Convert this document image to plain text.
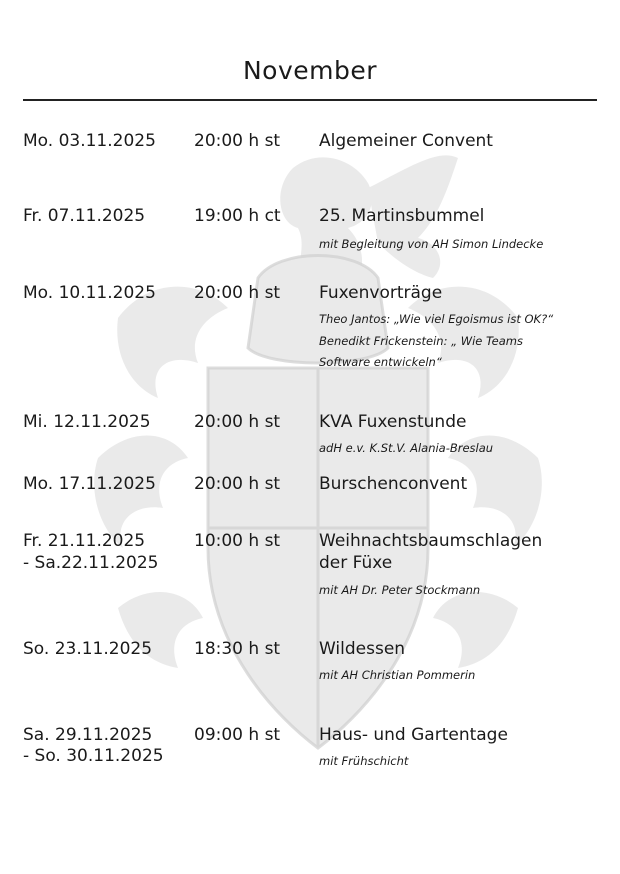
November
Mo. 03.11.2025	20:00 h st	Algemeiner Convent
Fr. 07.11.2025	19:00 h ct	25. Martinsbummel
mit Begleitung von AH Simon Lindecke
Mo. 10.11.2025	20:00 h st	Fuxenvorträge
Theo Jantos: „Wie viel Egoismus ist OK?“
Benedikt Frickenstein: „ Wie Teams
Software entwickeln“
Mi. 12.11.2025	20:00 h st	KVA Fuxenstunde
adH e.v. K.St.V. Alania-Breslau
Mo. 17.11.2025	20:00 h st	Burschenconvent
Fr. 21.11.2025
- Sa.22.11.2025
10:00 h st	Weihnachtsbaumschlagen der Füxe
mit AH Dr. Peter Stockmann
So. 23.11.2025	18:30 h st	Wildessen
mit AH Christian Pommerin
Sa. 29.11.2025
- So. 30.11.2025
09:00 h st	Haus- und Gartentage
mit Frühschicht
